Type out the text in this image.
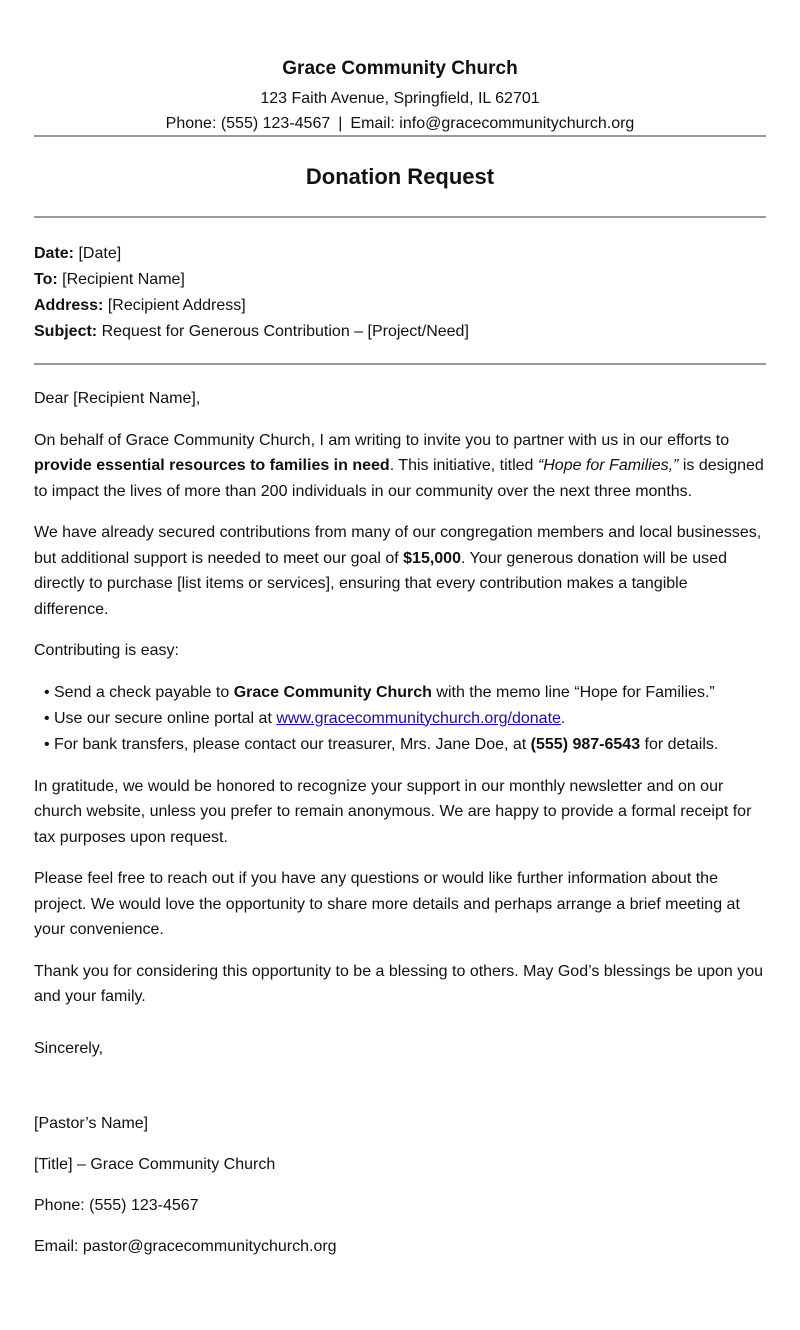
Grace Community Church
123 Faith Avenue, Springfield, IL 62701
Phone: (555) 123-4567 | Email: info@gracecommunitychurch.org
Donation Request
Date: [Date]
To: [Recipient Name]
Address: [Recipient Address]
Subject: Request for Generous Contribution – [Project/Need]

Dear [Recipient Name],

On behalf of Grace Community Church, I am writing to invite you to partner with us in our efforts to provide essential resources to families in need. This initiative, titled “Hope for Families,” is designed to impact the lives of more than 200 individuals in our community over the next three months.

We have already secured contributions from many of our congregation members and local businesses, but additional support is needed to meet our goal of $15,000. Your generous donation will be used directly to purchase [list items or services], ensuring that every contribution makes a tangible difference.

Contributing is easy:

• Send a check payable to Grace Community Church with the memo line “Hope for Families.”
• Use our secure online portal at www.gracecommunitychurch.org/donate.
• For bank transfers, please contact our treasurer, Mrs. Jane Doe, at (555) 987-6543 for details.

In gratitude, we would be honored to recognize your support in our monthly newsletter and on our church website, unless you prefer to remain anonymous. We are happy to provide a formal receipt for tax purposes upon request.

Please feel free to reach out if you have any questions or would like further information about the project. We would love the opportunity to share more details and perhaps arrange a brief meeting at your convenience.

Thank you for considering this opportunity to be a blessing to others. May God’s blessings be upon you and your family.

Sincerely,
[Pastor’s Name]
[Title] – Grace Community Church
Phone: (555) 123-4567
Email: pastor@gracecommunitychurch.org
